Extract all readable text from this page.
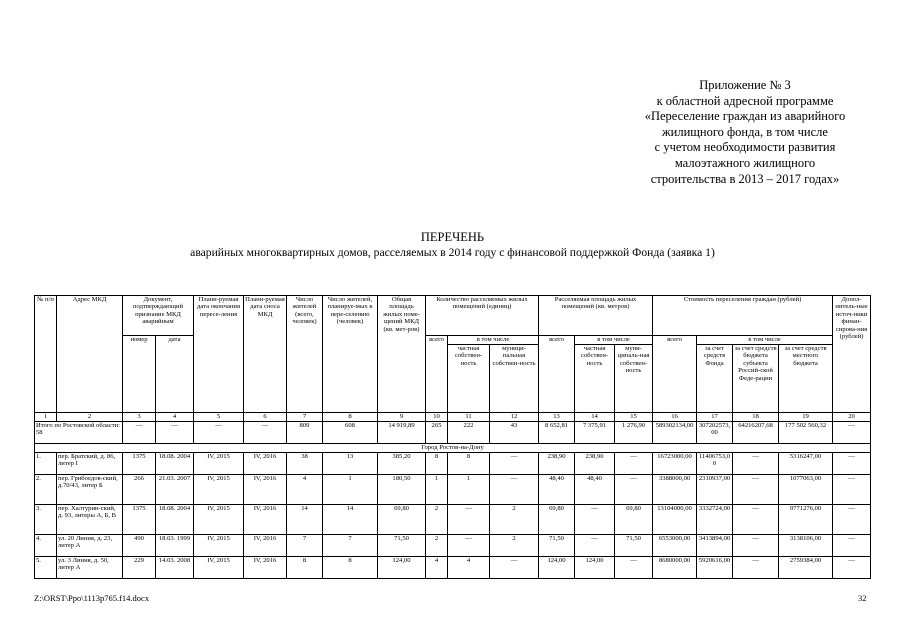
Приложение № 3
к областной адресной программе
«Переселение граждан из аварийного
жилищного фонда, в том числе
с учетом необходимости развития
малоэтажного жилищного
строительства в 2013 – 2017 годах»
ПЕРЕЧЕНЬ
аварийных многоквартирных домов, расселяемых в 2014 году с финансовой поддержкой Фонда (заявка 1)
№ п/п	Адрес МКД	Документ, подтверждающий признание МКД аварийным		Плани-руемая дата окончания пересе-ления	Плани-руемая дата сноса МКД	Число жителей (всего, человек)	Число жителей, планируе-мых к пере-селению (человек)	Общая площадь жилых поме-щений МКД (кв. мет-ров)	Количество расселяемых жилых помещений (единиц)			Расселяемая площадь жилых помещений (кв. метров)			Стоимость переселения граждан (рублей)				Допол-нитель-ные источ-ники финан-сирова-ния (рублей)
		номер	дата						всего	в том числе		всего	в том числе		всего	в том числе			
										частная собствен-ность	муници-пальная собствен-ность		частная собствен-ность	муни-ципаль-ная собствен-ность		за счет средств Фонда	за счет средств бюджета субъекта Россий-ской Феде-рации	за счет средств местного бюджета	
1	2	3	4	5	6	7	8	9	10	11	12	13	14	15	16	17	18	19	20
Итого по Ростовской области: 58		—	—	—	—	809	608	14 919,89	265	222	43	8 652,81	7 375,91	1 276,90	589302134,00	307202573,00	64216207,68	177 502 560,32	—
Город Ростов-на-Дону																			
1.	пер. Братский, д. 86, литер I	1375	18.08. 2004	IV, 2015	IV, 2016	38	13	385,20	8	8	—	238,90	238,90	—	16723000,00	11406753,00	—	5316247,00	—
2.	пер. Грибоедов-ский, д.70/43, литер Б	266	21.03. 2007	IV, 2015	IV, 2016	4	1	180,50	1	1	—	48,40	48,40	—	3388000,00	2310937,00	—	1077063,00	—
3.	пер. Халтурин-ский, д. 93, литеры А, Б, В	1375	18.08. 2004	IV, 2015	IV, 2016	14	14	69,80	2	—	2	69,80	—	69,80	13104000,00	3332724,00	—	9771276,00	—
4.	ул. 20 Линия, д. 23, литер А	490	18.03. 1999	IV, 2015	IV, 2016	7	7	71,50	2	—	2	71,50	—	71,50	6553000,00	3413894,00	—	3138106,00	—
5.	ул. 3 Линия, д. 50, литер А	229	14.03. 2008	IV, 2015	IV, 2016	8	8	124,00	4	4	—	124,00	124,00	—	8680000,00	5920616,00	—	2759384,00	—
Z:\ORST\Ppo\1113p765.f14.docx	32
